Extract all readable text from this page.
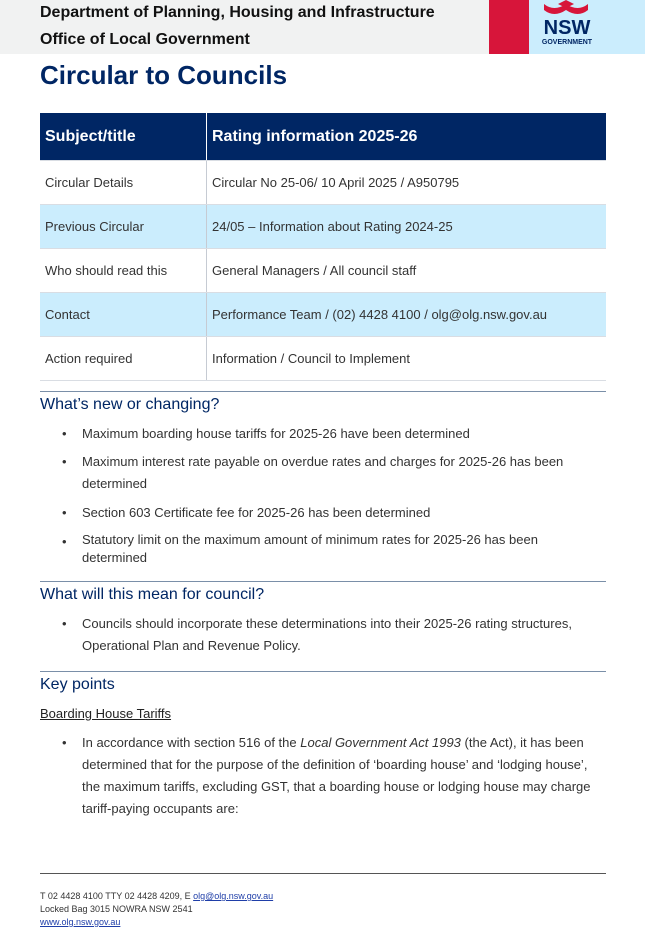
Department of Planning, Housing and Infrastructure
Office of Local Government
NSW
GOVERNMENT
Circular to Councils
Subject/title	Rating information 2025-26
Circular Details	Circular No 25-06/ 10 April 2025 / A950795
Previous Circular	24/05 – Information about Rating 2024-25
Who should read this	General Managers / All council staff
Contact	Performance Team / (02) 4428 4100 / olg@olg.nsw.gov.au
Action required	Information / Council to Implement
What’s new or changing?
• Maximum boarding house tariffs for 2025-26 have been determined
• Maximum interest rate payable on overdue rates and charges for 2025-26 has been determined
• Section 603 Certificate fee for 2025-26 has been determined
• Statutory limit on the maximum amount of minimum rates for 2025-26 has been determined
What will this mean for council?
• Councils should incorporate these determinations into their 2025-26 rating structures, Operational Plan and Revenue Policy.
Key points
Boarding House Tariffs
• In accordance with section 516 of the Local Government Act 1993 (the Act), it has been determined that for the purpose of the definition of ‘boarding house’ and ‘lodging house’, the maximum tariffs, excluding GST, that a boarding house or lodging house may charge tariff-paying occupants are:
T 02 4428 4100 TTY 02 4428 4209, E olg@olg.nsw.gov.au
Locked Bag 3015 NOWRA NSW 2541
www.olg.nsw.gov.au
